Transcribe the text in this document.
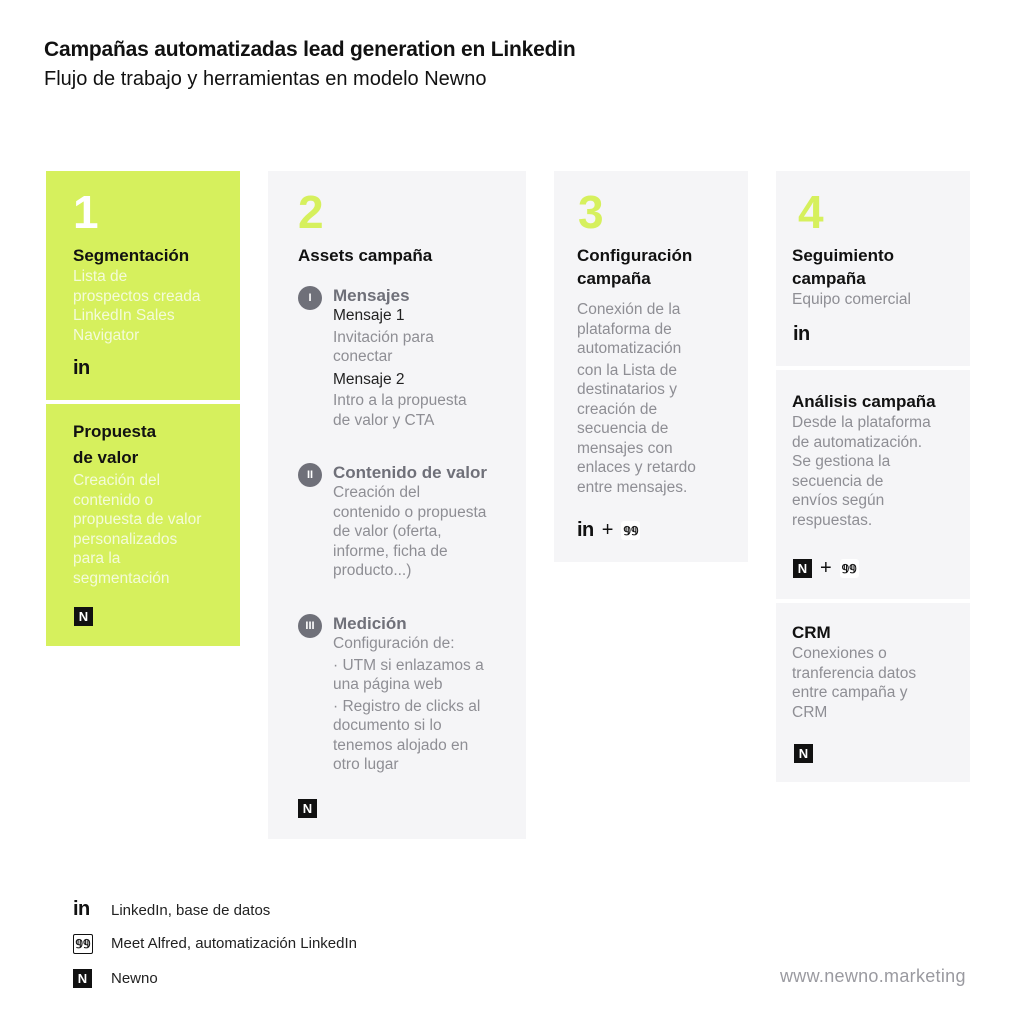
Campañas automatizadas lead generation en Linkedin
Flujo de trabajo y herramientas en modelo Newno
1
Segmentación
Lista de
prospectos creada
LinkedIn Sales
Navigator
in
Propuesta
de valor
Creación del
contenido o
propuesta de valor
personalizados
para la
segmentación
N
2
Assets campaña
I	Mensajes
Mensaje 1
Invitación para
conectar
Mensaje 2
Intro a la propuesta
de valor y CTA
II	Contenido de valor
Creación del
contenido o propuesta
de valor (oferta,
informe, ficha de
producto...)
III	Medición
Configuración de:
· UTM si enlazamos a
una página web
· Registro de clicks al
documento si lo
tenemos alojado en
otro lugar
N
3
Configuración
campaña
Conexión de la
plataforma de
automatización
con la Lista de
destinatarios y
creación de
secuencia de
mensajes con
enlaces y retardo
entre mensajes.
in + 𝟡𝟡
4
Seguimiento
campaña
Equipo comercial
in
Análisis campaña
Desde la plataforma
de automatización.
Se gestiona la
secuencia de
envíos según
respuestas.
N + 𝟡𝟡
CRM
Conexiones o
tranferencia datos
entre campaña y
CRM
N
in LinkedIn, base de datos
𝟡𝟡 Meet Alfred, automatización LinkedIn
N	Newno	www.newno.marketing
